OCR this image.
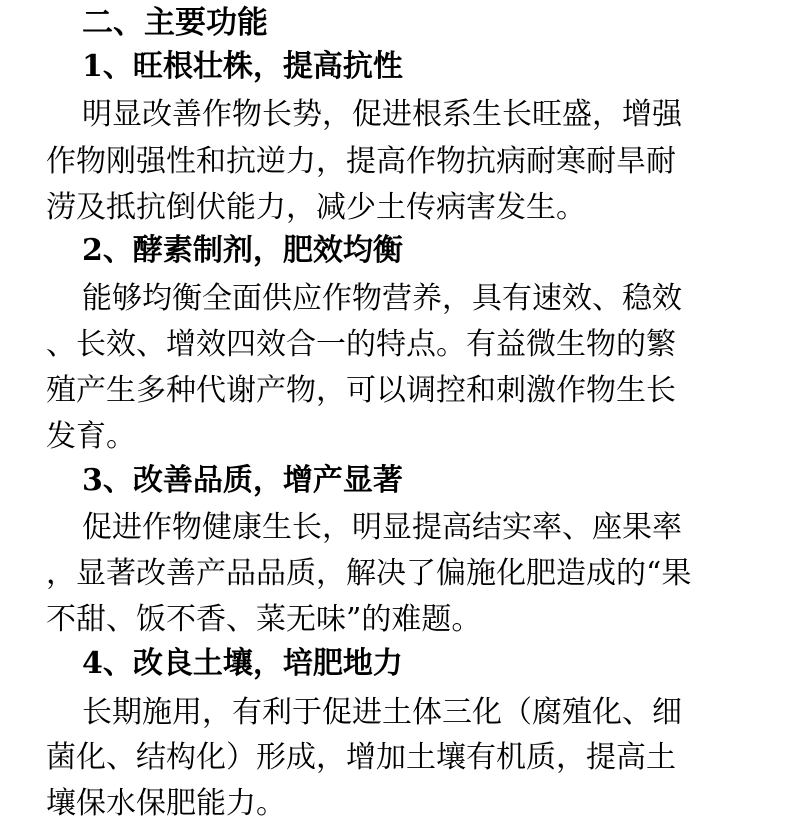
二、主要功能

1、旺根壮株，提高抗性

明显改善作物长势，促进根系生长旺盛，增强

作物刚强性和抗逆力，提高作物抗病耐寒耐旱耐

涝及抵抗倒伏能力，减少土传病害发生。

2、酵素制剂，肥效均衡

能够均衡全面供应作物营养，具有速效、稳效

、长效、增效四效合一的特点。有益微生物的繁

殖产生多种代谢产物，可以调控和刺激作物生长

发育。

3、改善品质，增产显著

促进作物健康生长，明显提高结实率、座果率

，显著改善产品品质，解决了偏施化肥造成的“果

不甜、饭不香、菜无味”的难题。

4、改良土壤，培肥地力

长期施用，有利于促进土体三化（腐殖化、细

菌化、结构化）形成，增加土壤有机质，提高土

壤保水保肥能力。
